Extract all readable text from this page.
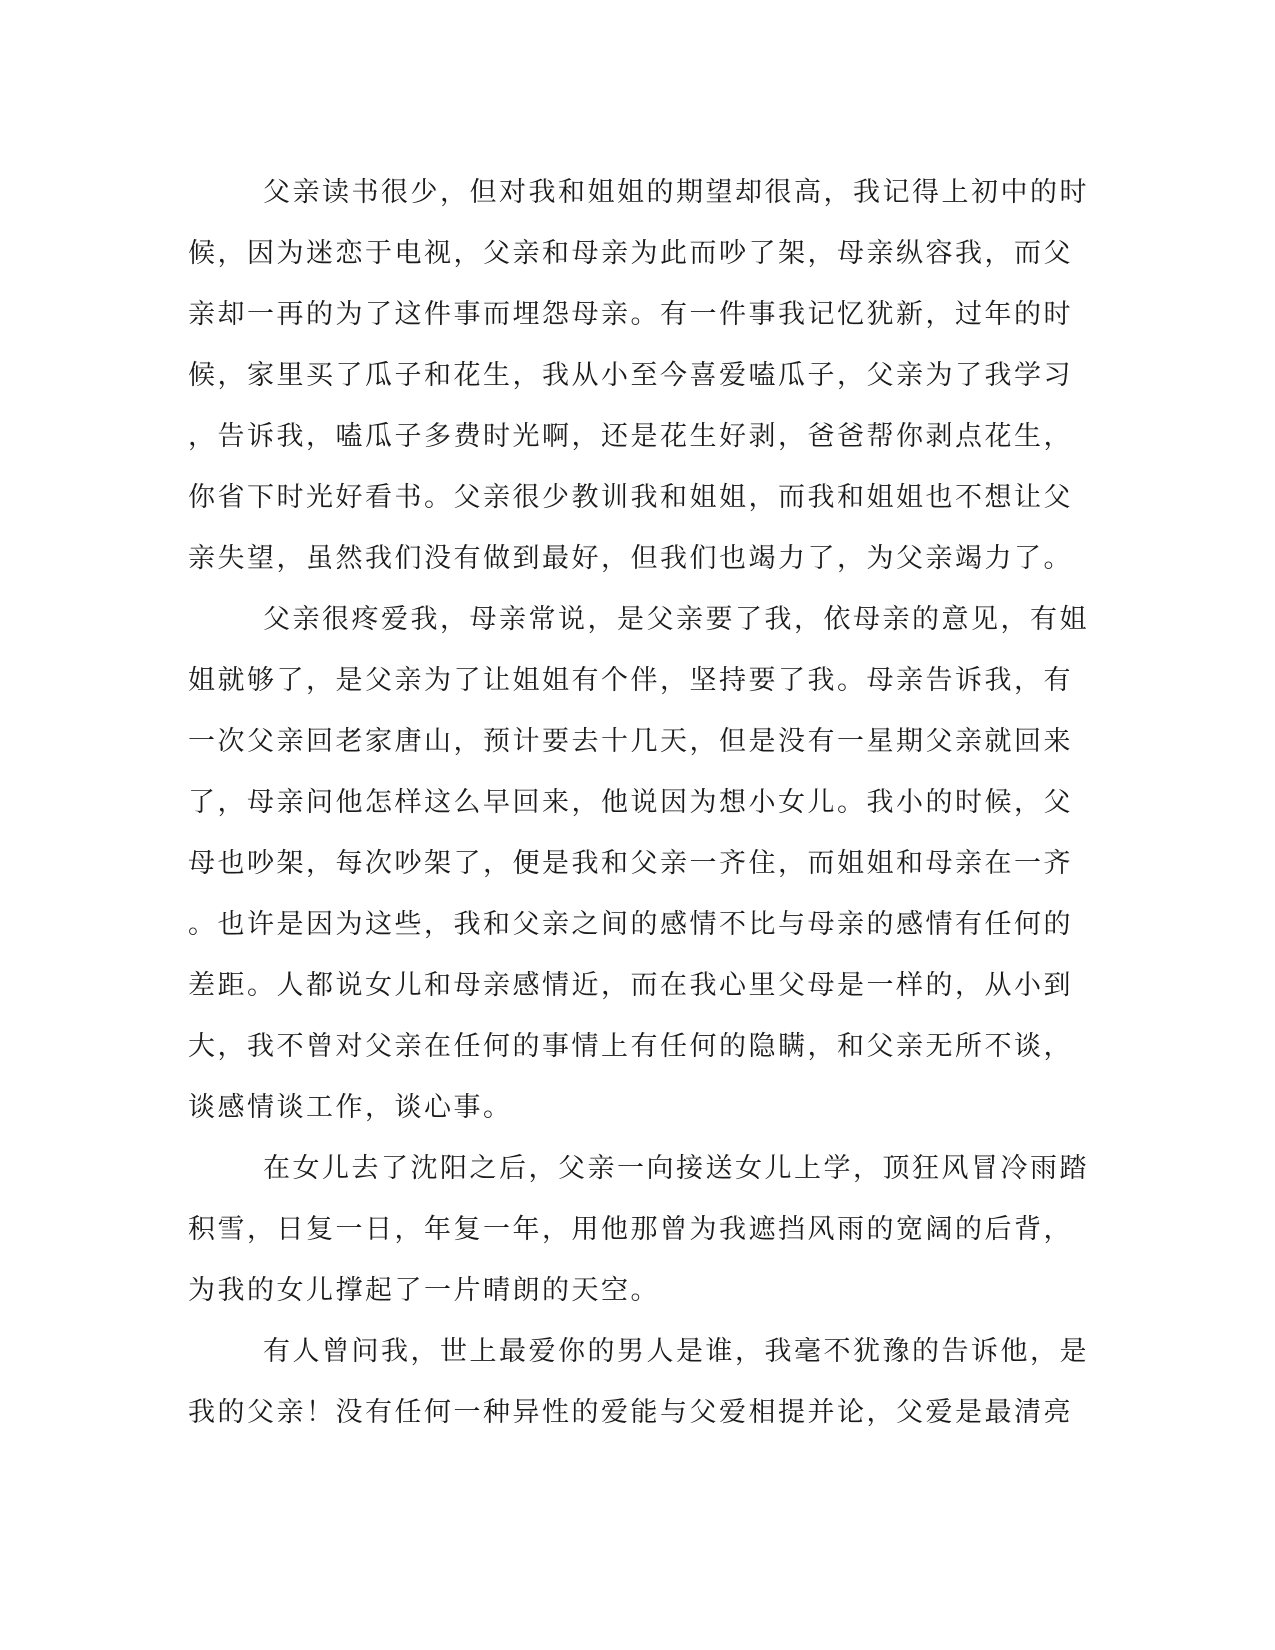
父亲读书很少，但对我和姐姐的期望却很高，我记得上初中的时
候，因为迷恋于电视，父亲和母亲为此而吵了架，母亲纵容我，而父
亲却一再的为了这件事而埋怨母亲。有一件事我记忆犹新，过年的时
候，家里买了瓜子和花生，我从小至今喜爱嗑瓜子，父亲为了我学习
，告诉我，嗑瓜子多费时光啊，还是花生好剥，爸爸帮你剥点花生，
你省下时光好看书。父亲很少教训我和姐姐，而我和姐姐也不想让父
亲失望，虽然我们没有做到最好，但我们也竭力了，为父亲竭力了。
父亲很疼爱我，母亲常说，是父亲要了我，依母亲的意见，有姐
姐就够了，是父亲为了让姐姐有个伴，坚持要了我。母亲告诉我，有
一次父亲回老家唐山，预计要去十几天，但是没有一星期父亲就回来
了，母亲问他怎样这么早回来，他说因为想小女儿。我小的时候，父
母也吵架，每次吵架了，便是我和父亲一齐住，而姐姐和母亲在一齐
。也许是因为这些，我和父亲之间的感情不比与母亲的感情有任何的
差距。人都说女儿和母亲感情近，而在我心里父母是一样的，从小到
大，我不曾对父亲在任何的事情上有任何的隐瞒，和父亲无所不谈，
谈感情谈工作，谈心事。
在女儿去了沈阳之后，父亲一向接送女儿上学，顶狂风冒冷雨踏
积雪，日复一日，年复一年，用他那曾为我遮挡风雨的宽阔的后背，
为我的女儿撑起了一片晴朗的天空。
有人曾问我，世上最爱你的男人是谁，我毫不犹豫的告诉他，是
我的父亲！没有任何一种异性的爱能与父爱相提并论，父爱是最清亮
